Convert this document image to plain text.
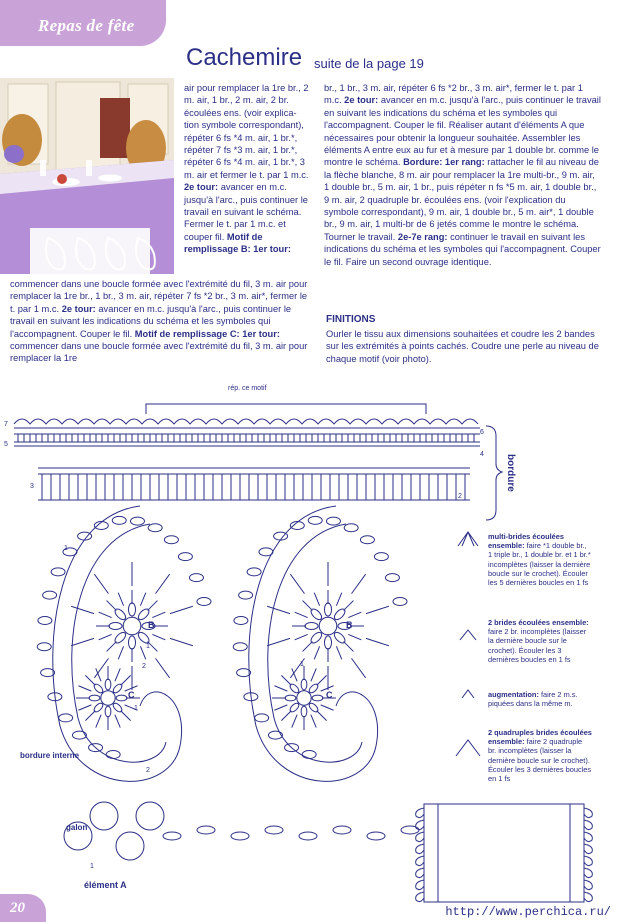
Repas de fête
Cachemire suite de la page 19
air pour remplacer la 1re br., 2 m. air, 1 br., 2 m. air, 2 br. écoulées ens. (voir explica-tion symbole correspondant), répéter 6 fs *4 m. air, 1 br.*, répéter 7 fs *3 m. air, 1 br.*, répéter 6 fs *4 m. air, 1 br.*, 3 m. air et fermer le t. par 1 m.c. 2e tour: avancer en m.c. jusqu'à l'arc., puis continuer le travail en suivant le schéma. Fermer le t. par 1 m.c. et couper fil. Motif de remplissage B: 1er tour:
commencer dans une boucle formée avec l'extrémité du fil, 3 m. air pour remplacer la 1re br., 1 br., 3 m. air, répéter 7 fs *2 br., 3 m. air*, fermer le t. par 1 m.c. 2e tour: avancer en m.c. jusqu'à l'arc., puis continuer le travail en suivant les indications du schéma et les symboles qui l'accompagnent. Couper le fil. Motif de remplissage C: 1er tour: commencer dans une boucle formée avec l'extrémité du fil, 3 m. air pour remplacer la 1re
br., 1 br., 3 m. air, répéter 6 fs *2 br., 3 m. air*, fermer le t. par 1 m.c. 2e tour: avancer en m.c. jusqu'à l'arc., puis continuer le travail en suivant les indications du schéma et les symboles qui l'accompagnent. Couper le fil. Réaliser autant d'éléments A que nécessaires pour obtenir la longueur souhaitée. Assembler les éléments A entre eux au fur et à mesure par 1 double br. comme le montre le schéma. Bordure: 1er rang: rattacher le fil au niveau de la flèche blanche, 8 m. air pour remplacer la 1re multi-br., 9 m. air, 1 double br., 5 m. air, 1 br., puis répéter n fs *5 m. air, 1 double br., 9 m. air, 2 quadruple br. écoulées ens. (voir l'explication du symbole correspondant), 9 m. air, 1 double br., 5 m. air*, 1 double br., 9 m. air, 1 multi-br de 6 jetés comme le montre le schéma. Tourner le travail. 2e-7e rang: continuer le travail en suivant les indications du schéma et les symboles qui l'accompagnent. Couper le fil. Faire un second ouvrage identique.
FINITIONS
Ourler le tissu aux dimensions souhaitées et coudre les 2 bandes sur les extrémités à points cachés. Coudre une perle au niveau de chaque motif (voir photo).
rép. ce motif
bordure
7
6
5
4
3
2
1
B
C
B
C
1
2
1
2
1
1
bordure interne
galon
élément A
multi-brides écoulées ensemble: faire *1 double br., 1 triple br., 1 double br. et 1 br.* incomplètes (laisser la dernière boucle sur le crochet). Écouler les 5 dernières boucles en 1 fs
2 brides écoulées ensemble: faire 2 br. incomplètes (laisser la dernière boucle sur le crochet). Écouler les 3 dernières boucles en 1 fs
augmentation: faire 2 m.s. piquées dans la même m.
2 quadruples brides écoulées ensemble: faire 2 quadruple br. incomplètes (laisser la dernière boucle sur le crochet). Écouler les 3 dernières boucles en 1 fs
20	http://www.perchica.ru/
